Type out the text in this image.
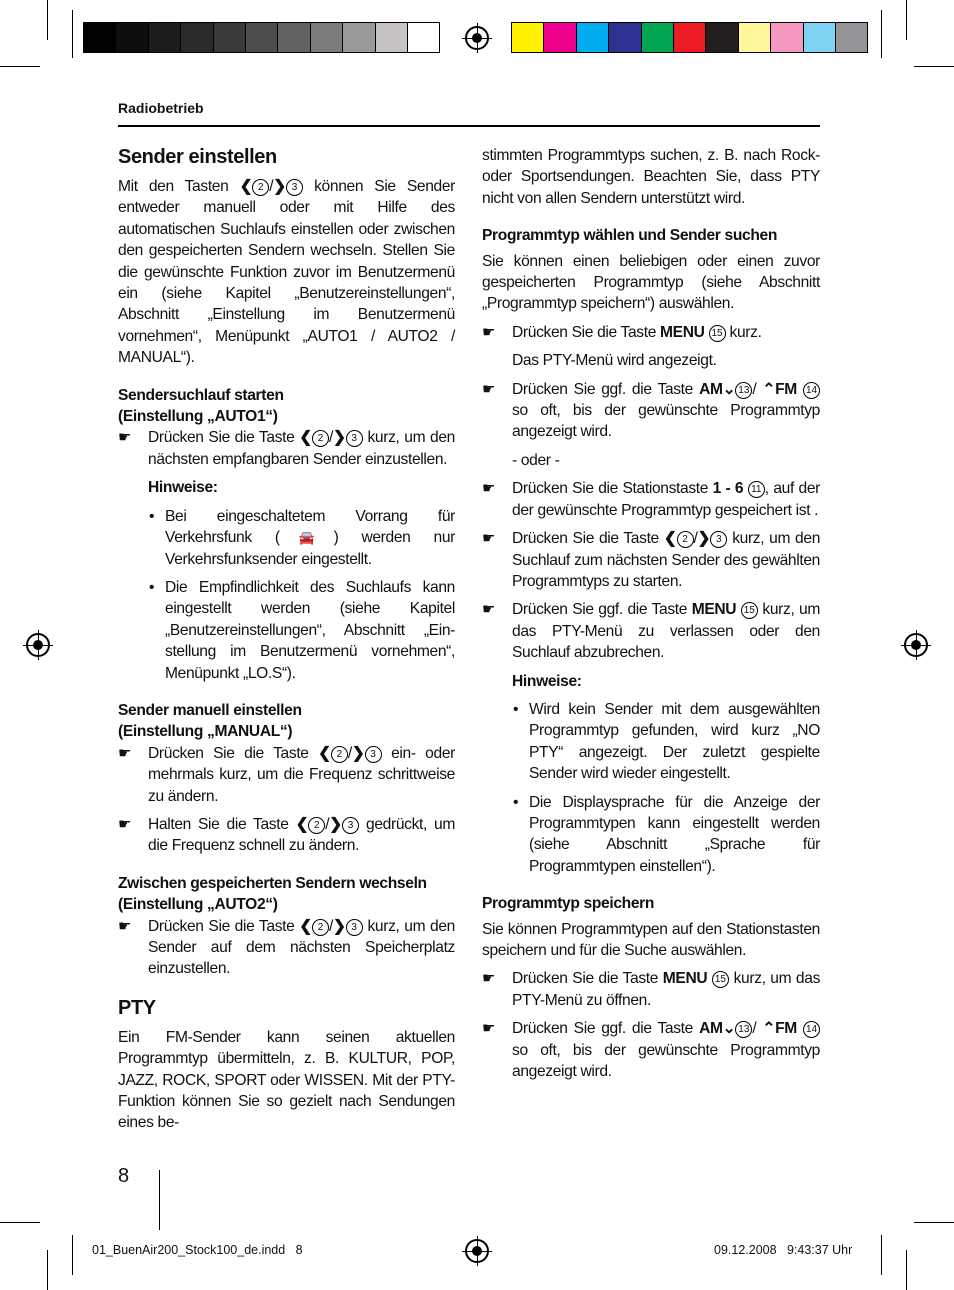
Radiobetrieb

Sender einstellen

Mit den Tasten ❮ 2 /❯ 3 können Sie Sender entweder manuell oder mit Hilfe des automatischen Suchlaufs einstellen oder zwischen den gespeicherten Sendern wechseln. Stellen Sie die gewünschte Funktion zuvor im Benutzermenü ein (siehe Kapitel „Benutzereinstellungen“, Abschnitt „Einstellung im Benutzermenü vornehmen“, Menüpunkt „AUTO1 / AUTO2 / MANUAL“).

Sendersuchlauf starten

(Einstellung „AUTO1“)

☛ Drücken Sie die Taste ❮ 2 /❯ 3 kurz, um den nächsten empfangbaren Sender einzustellen.
Hinweise:
• Bei eingeschaltetem Vorrang für Verkehrsfunk (🚘) werden nur Verkehrsfunksender eingestellt.
• Die Empfindlichkeit des Suchlaufs kann eingestellt werden (siehe Kapitel „Benutzereinstellungen“, Abschnitt „Ein-stellung im Benutzermenü vornehmen“, Menüpunkt „LO.S“).

Sender manuell einstellen

(Einstellung „MANUAL“)

☛ Drücken Sie die Taste ❮ 2 /❯ 3 ein- oder mehrmals kurz, um die Frequenz schrittweise zu ändern.
☛ Halten Sie die Taste ❮ 2 /❯ 3 gedrückt, um die Frequenz schnell zu ändern.

Zwischen gespeicherten Sendern wechseln

(Einstellung „AUTO2“)

☛ Drücken Sie die Taste ❮ 2 /❯ 3 kurz, um den Sender auf dem nächsten Speicherplatz einzustellen.

PTY

Ein FM-Sender kann seinen aktuellen Programmtyp übermitteln, z. B. KULTUR, POP, JAZZ, ROCK, SPORT oder WISSEN. Mit der PTY-Funktion können Sie so gezielt nach Sendungen eines be-

stimmten Programmtyps suchen, z. B. nach Rock- oder Sportsendungen. Beachten Sie, dass PTY nicht von allen Sendern unterstützt wird.

Programmtyp wählen und Sender suchen

Sie können einen beliebigen oder einen zuvor gespeicherten Programmtyp (siehe Abschnitt „Programmtyp speichern“) auswählen.

☛ Drücken Sie die Taste MENU 15 kurz.
Das PTY-Menü wird angezeigt.
☛ Drücken Sie ggf. die Taste AM⌄ 13 / ⌃FM 14 so oft, bis der gewünschte Programmtyp angezeigt wird.
- oder -
☛ Drücken Sie die Stationstaste 1 - 6 11 , auf der der gewünschte Programmtyp gespeichert ist .
☛ Drücken Sie die Taste ❮ 2 /❯ 3 kurz, um den Suchlauf zum nächsten Sender des gewählten Programmtyps zu starten.
☛ Drücken Sie ggf. die Taste MENU 15 kurz, um das PTY-Menü zu verlassen oder den Suchlauf abzubrechen.
Hinweise:
• Wird kein Sender mit dem ausgewählten Programmtyp gefunden, wird kurz „NO PTY“ angezeigt. Der zuletzt gespielte Sender wird wieder eingestellt.
• Die Displaysprache für die Anzeige der Programmtypen kann eingestellt werden (siehe Abschnitt „Sprache für Programmtypen einstellen“).

Programmtyp speichern

Sie können Programmtypen auf den Stationstasten speichern und für die Suche auswählen.

☛ Drücken Sie die Taste MENU 15 kurz, um das PTY-Menü zu öffnen.
☛ Drücken Sie ggf. die Taste AM⌄ 13 / ⌃FM 14 so oft, bis der gewünschte Programmtyp angezeigt wird.
8
01_BuenAir200_Stock100_de.indd   8	09.12.2008   9:43:37 Uhr
